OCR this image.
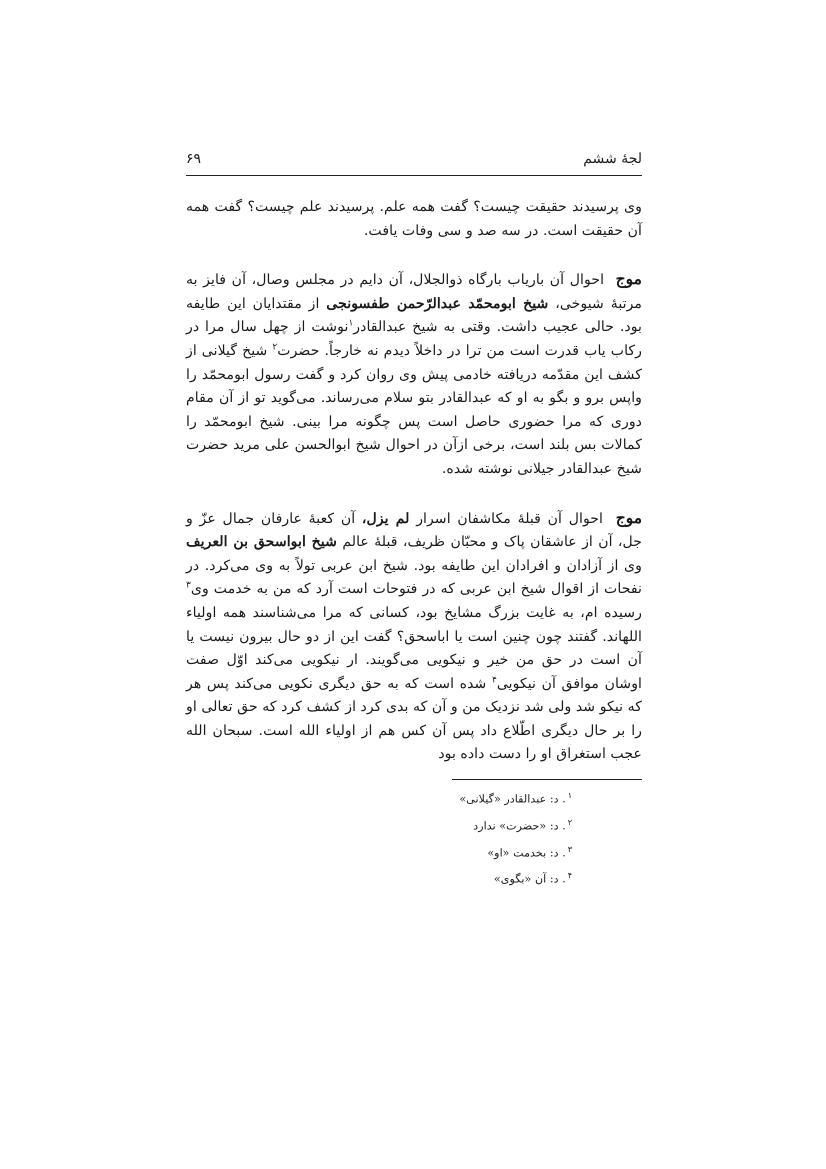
لجۀ ششم
۶۹

وی پرسیدند حقیقت چیست؟ گفت همه علم. پرسیدند علم چیست؟ گفت همه آن حقیقت است. در سه صد و سی وفات یافت.

موج احوال آن باریاب بارگاه ذوالجلال، آن دایم در مجلس وصال، آن فایز به مرتبۀ شیوخی، شیخ ابومحمّد عبدالرّحمن طفسونجی از مقتدایان این طایفه بود. حالی عجیب داشت. وقتی به شیخ عبدالقادر$^۱$نوشت از چهل سال مرا در رکاب یاب قدرت است من ترا در داخلاً دیدم نه خارجاً. حضرت$^۲$ شیخ گیلانی از کشف این مقدّمه دریافته خادمی پیش وی روان کرد و گفت رسول ابومحمّد را واپس برو و بگو به او که عبدالقادر بتو سلام می‌رساند. می‌گوید تو از آن مقام دوری که مرا حضوری حاصل است پس چگونه مرا بینی. شیخ ابومحمّد را کمالات بس بلند است، برخی ازآن در احوال شیخ ابوالحسن علی مرید حضرت شیخ عبدالقادر جیلانی نوشته شده.

موج احوال آن قبلۀ مکاشفان اسرار لم یزل، آن کعبۀ عارفان جمال عزّ و جل، آن از عاشقان پاک و محبّان ظریف، قبلۀ عالم شیخ ابواسحق بن العریف وی از آزادان و افرادان این طایفه بود. شیخ ابن عربی تولاً به وی می‌کرد. در نفحات از اقوال شیخ ابن عربی که در فتوحات است آرد که من به خدمت وی$^۳$ رسیده ام، به غایت بزرگ مشایخ بود، کسانی که مرا می‌شناسند همه اولیاء اللهاند. گفتند چون چنین است یا اباسحق؟ گفت این از دو حال بیرون نیست یا آن است در حق من خیر و نیکویی می‌گویند. ار نیکویی می‌کند اوّل صفت اوشان موافق آن نیکویی$^۴$ شده است که به حق دیگری نکویی می‌کند پس هر که نیکو شد ولی شد نزدیک من و آن که بدی کرد از کشف کرد که حق تعالی او را بر حال دیگری اطّلاع داد پس آن کس هم از اولیاء الله است. سبحان الله عجب استغراق او را دست داده بود

$^۱$. د: عبدالقادر «گیلانی»
$^۲$. د: «حضرت» ندارد
$^۳$. د: بخدمت «او»
$^۴$. د: آن «بگوی»
